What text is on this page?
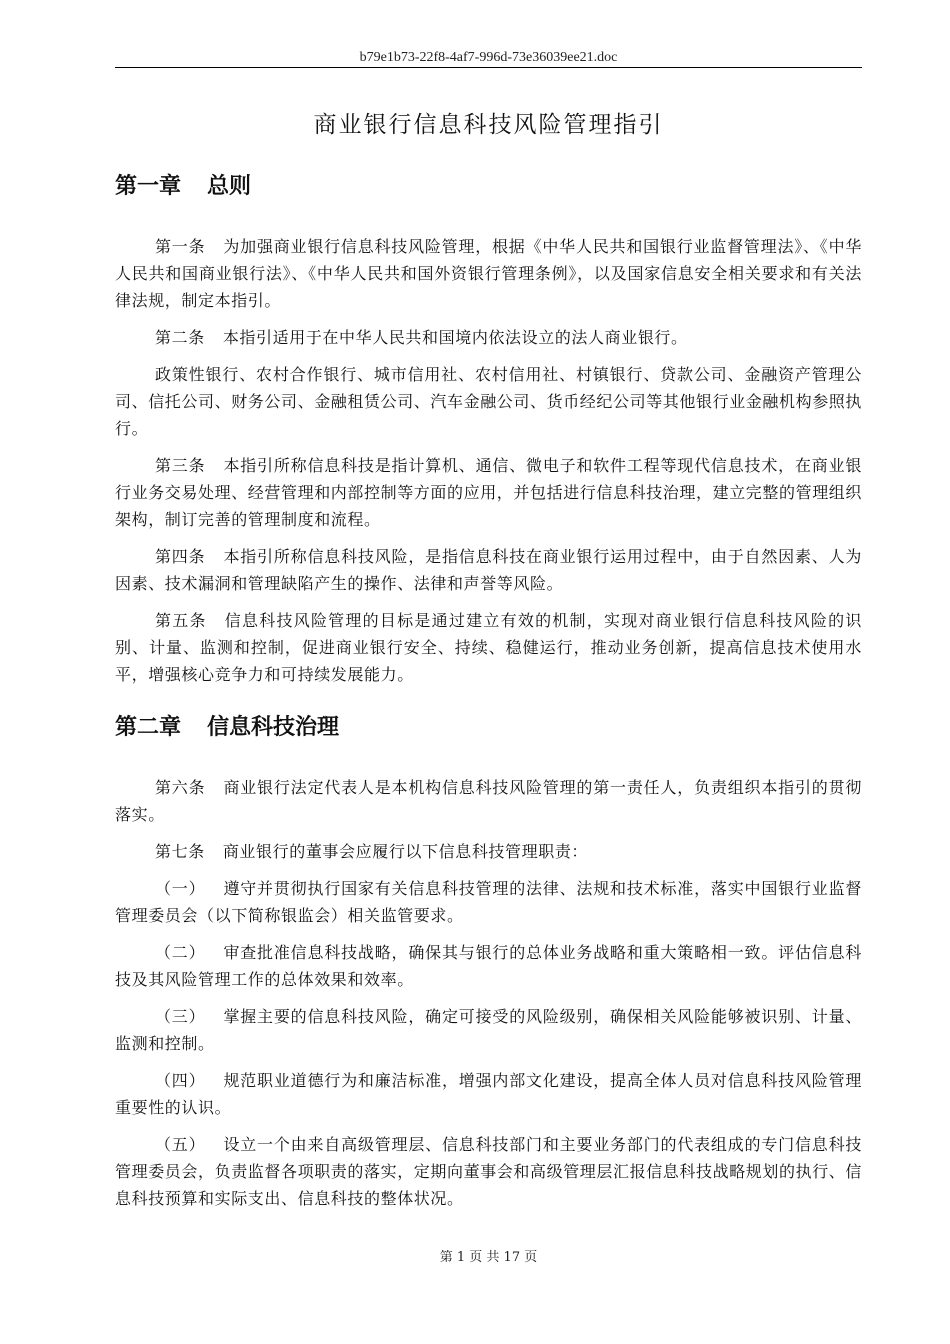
b79e1b73-22f8-4af7-996d-73e36039ee21.doc
商业银行信息科技风险管理指引
第一章 总则

第一条 为加强商业银行信息科技风险管理，根据《中华人民共和国银行业监督管理法》、《中华人民共和国商业银行法》、《中华人民共和国外资银行管理条例》，以及国家信息安全相关要求和有关法律法规，制定本指引。

第二条 本指引适用于在中华人民共和国境内依法设立的法人商业银行。

政策性银行、农村合作银行、城市信用社、农村信用社、村镇银行、贷款公司、金融资产管理公司、信托公司、财务公司、金融租赁公司、汽车金融公司、货币经纪公司等其他银行业金融机构参照执行。

第三条 本指引所称信息科技是指计算机、通信、微电子和软件工程等现代信息技术，在商业银行业务交易处理、经营管理和内部控制等方面的应用，并包括进行信息科技治理，建立完整的管理组织架构，制订完善的管理制度和流程。

第四条 本指引所称信息科技风险，是指信息科技在商业银行运用过程中，由于自然因素、人为因素、技术漏洞和管理缺陷产生的操作、法律和声誉等风险。

第五条 信息科技风险管理的目标是通过建立有效的机制，实现对商业银行信息科技风险的识别、计量、监测和控制，促进商业银行安全、持续、稳健运行，推动业务创新，提高信息技术使用水平，增强核心竞争力和可持续发展能力。

第二章 信息科技治理

第六条 商业银行法定代表人是本机构信息科技风险管理的第一责任人，负责组织本指引的贯彻落实。

第七条 商业银行的董事会应履行以下信息科技管理职责：

（一） 遵守并贯彻执行国家有关信息科技管理的法律、法规和技术标准，落实中国银行业监督管理委员会（以下简称银监会）相关监管要求。

（二） 审查批准信息科技战略，确保其与银行的总体业务战略和重大策略相一致。评估信息科技及其风险管理工作的总体效果和效率。

（三） 掌握主要的信息科技风险，确定可接受的风险级别，确保相关风险能够被识别、计量、监测和控制。

（四） 规范职业道德行为和廉洁标准，增强内部文化建设，提高全体人员对信息科技风险管理重要性的认识。

（五） 设立一个由来自高级管理层、信息科技部门和主要业务部门的代表组成的专门信息科技管理委员会，负责监督各项职责的落实，定期向董事会和高级管理层汇报信息科技战略规划的执行、信息科技预算和实际支出、信息科技的整体状况。

第 1 页 共 17 页
